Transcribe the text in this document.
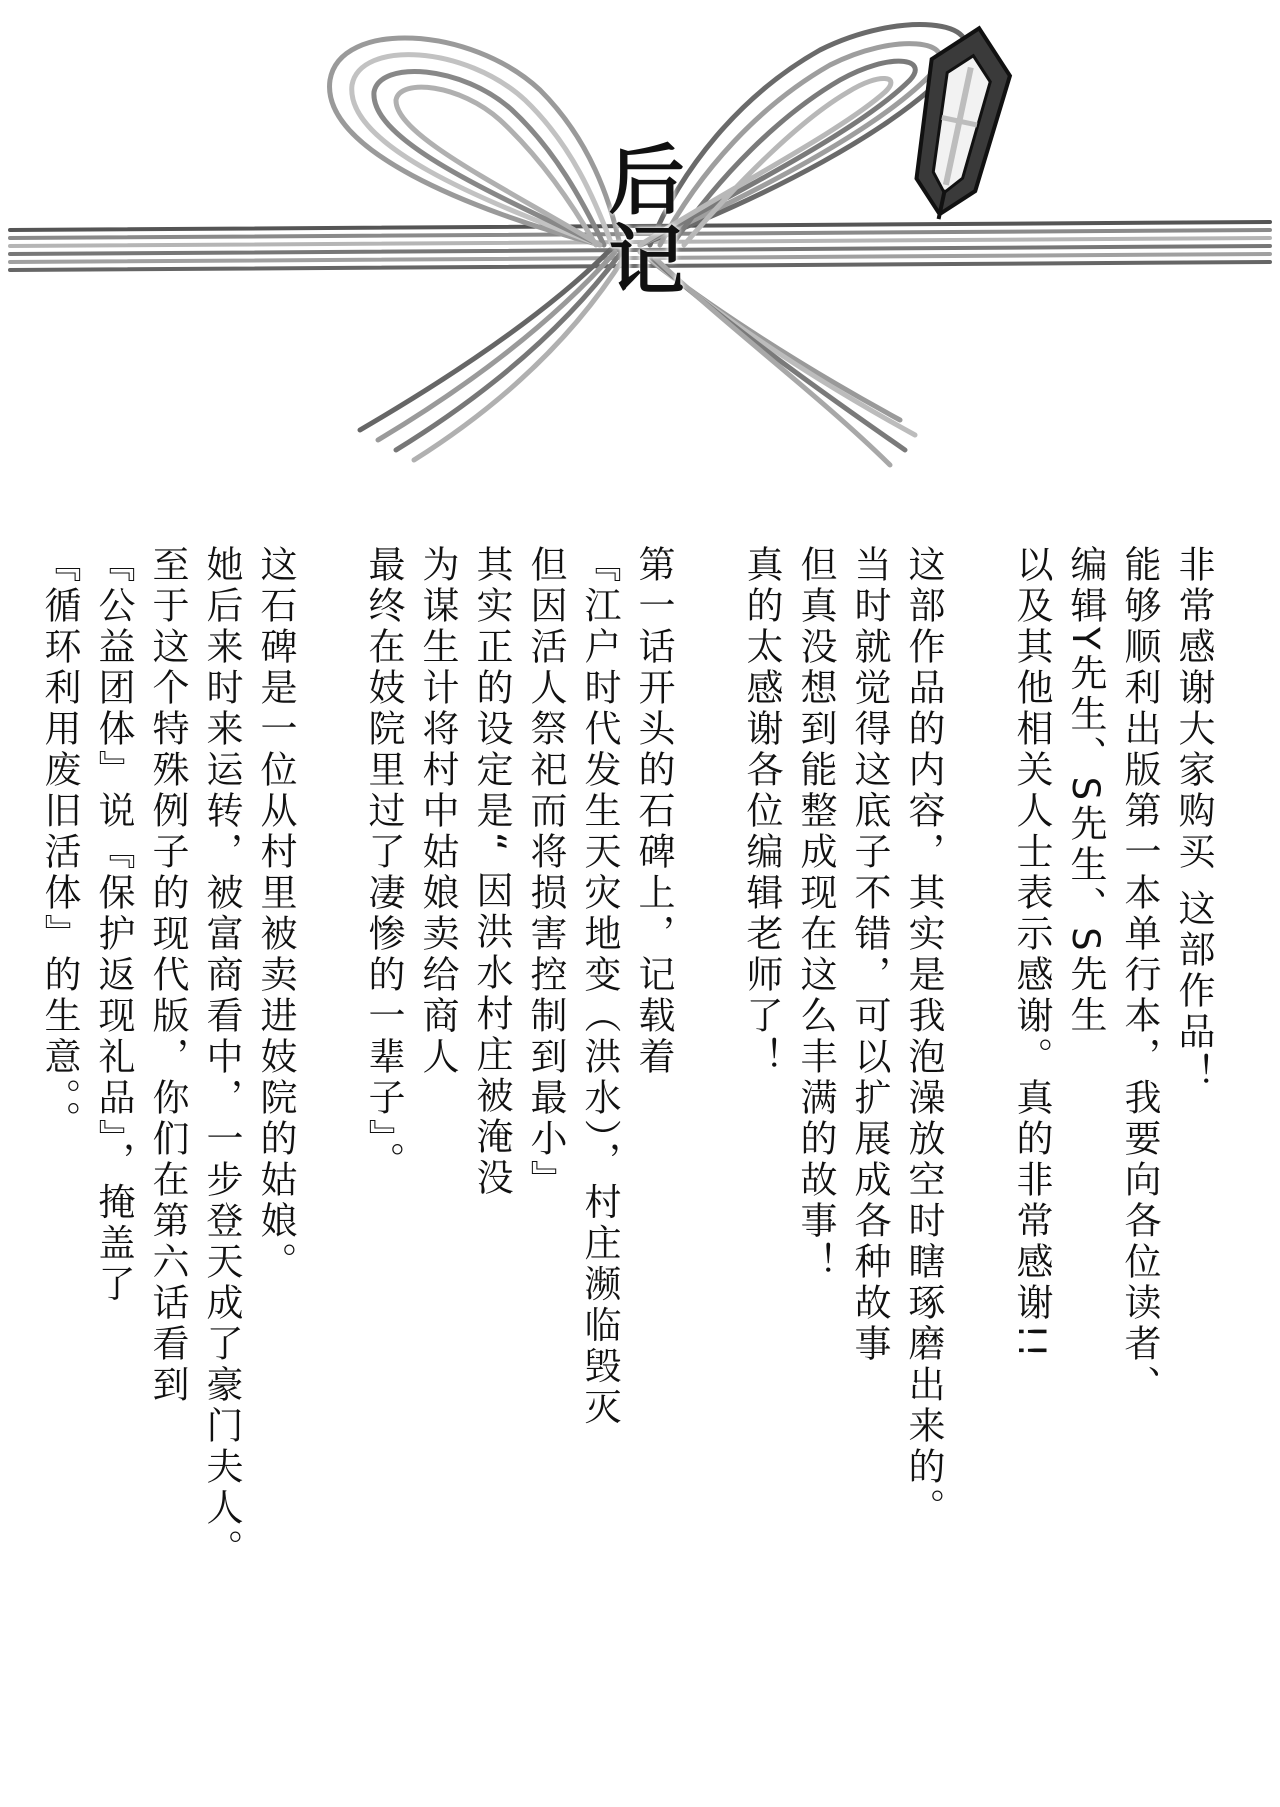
后记
非常感谢大家购买 这部作品！
能够顺利出版第一本单行本，我要向各位读者、
编辑Y先生、S先生、S先生
以及其他相关人士表示感谢。真的非常感谢!!
这部作品的内容，其实是我泡澡放空时瞎琢磨出来的。
当时就觉得这底子不错，可以扩展成各种故事
但真没想到能整成现在这么丰满的故事！
真的太感谢各位编辑老师了！
第一话开头的石碑上，记载着
『江户时代发生天灾地变（洪水），村庄濒临毁灭
但因活人祭祀而将损害控制到最小』
其实正的设定是“ 因洪水村庄被淹没
为谋生计将村中姑娘卖给商人
最终在妓院里过了凄惨的一辈子』。
这石碑是一位从村里被卖进妓院的姑娘。
她后来时来运转，被富商看中，一步登天成了豪门夫人。
至于这个特殊例子的现代版，你们在第六话看到
『公益团体』说『保护返现礼品』，掩盖了
『循环利用废旧活体』的生意。。
